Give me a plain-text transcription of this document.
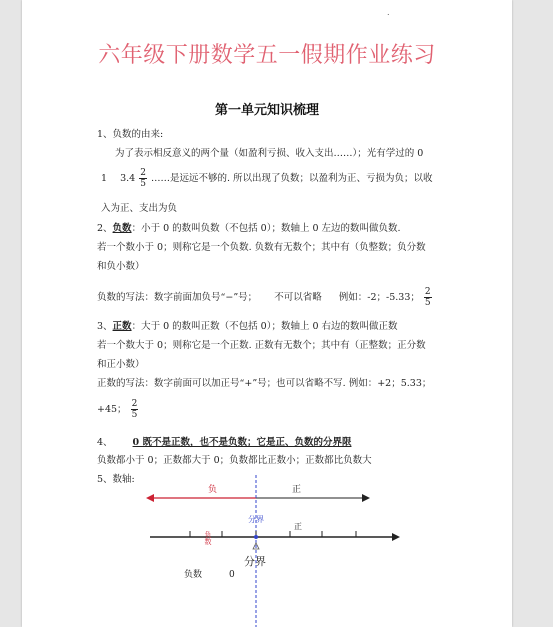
.
六年级下册数学五一假期作业练习
第一单元知识梳理
1、负数的由来:
为了表示相反意义的两个量（如盈利亏损、收入支出……）；光有学过的 0
1 $3.4 \frac{2}{5}$ ……是远远不够的. 所以出现了负数；以盈利为正、亏损为负；以收
入为正、支出为负
2、负数：小于 0 的数叫负数（不包括 0）；数轴上 0 左边的数叫做负数.
若一个数小于 0；则称它是一个负数. 负数有无数个；其中有（负整数；负分数
和负小数）
负数的写法：数字前面加负号“−”号； 不可以省略 例如：-2；-5.33； $\frac{2}{5}$
3、正数：大于 0 的数叫正数（不包括 0）；数轴上 0 右边的数叫做正数
若一个数大于 0；则称它是一个正数. 正数有无数个；其中有（正整数；正分数
和正小数）
正数的写法：数字前面可以加正号“+”号；也可以省略不写. 例如：+2；5.33；
+45； $\frac{2}{5}$
4、 0 既不是正数，也不是负数；它是正、负数的分界限
负数都小于 0；正数都大于 0；负数都比正数小；正数都比负数大
5、数轴:
负	正
分界
负数
正
分界
负数	0
